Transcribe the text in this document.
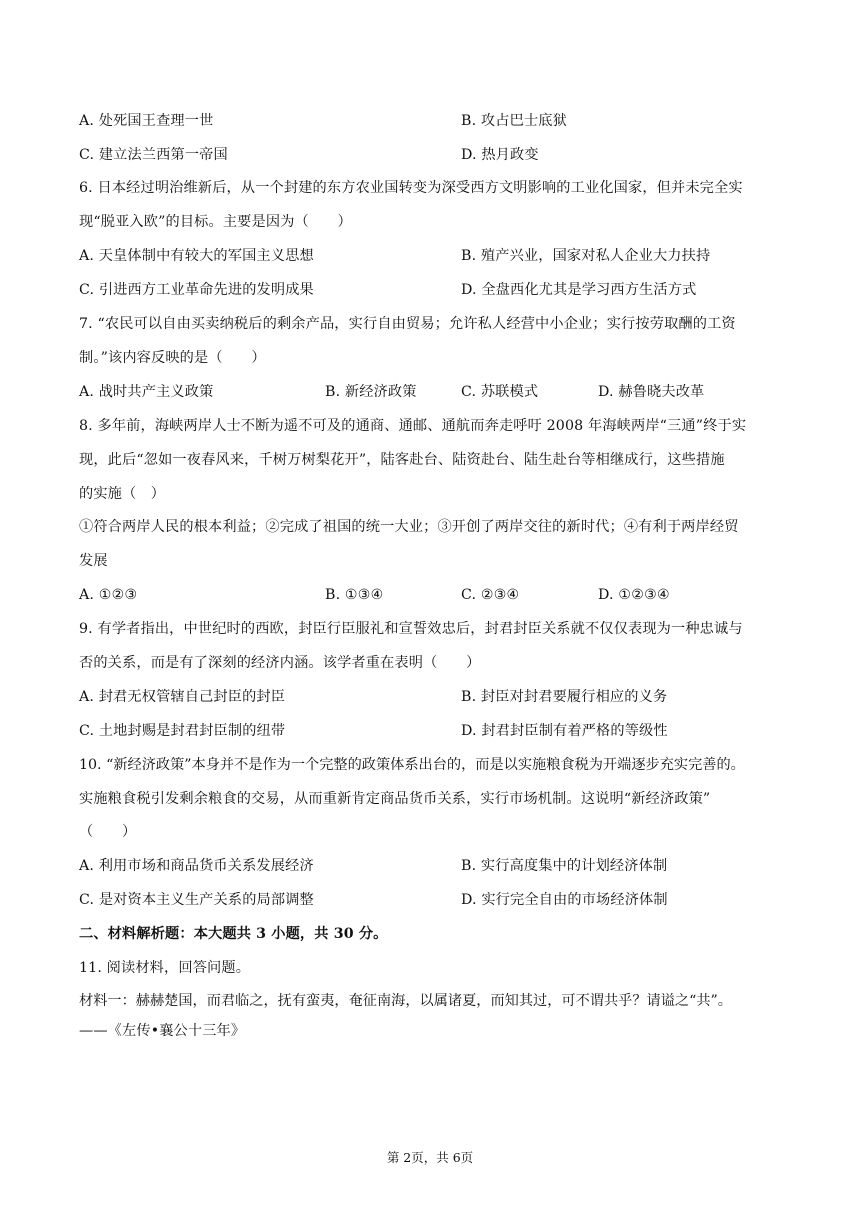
A. 处死国王查理一世	B. 攻占巴士底狱
C. 建立法兰西第一帝国	D. 热月政变
6. 日本经过明治维新后，从一个封建的东方农业国转变为深受西方文明影响的工业化国家，但并未完全实
现“脱亚入欧”的目标。主要是因为（　　）
A. 天皇体制中有较大的军国主义思想	B. 殖产兴业，国家对私人企业大力扶持
C. 引进西方工业革命先进的发明成果	D. 全盘西化尤其是学习西方生活方式
7. “农民可以自由买卖纳税后的剩余产品，实行自由贸易；允许私人经营中小企业；实行按劳取酬的工资
制。”该内容反映的是（　　）
A. 战时共产主义政策	B. 新经济政策	C. 苏联模式	D. 赫鲁晓夫改革
8. 多年前，海峡两岸人士不断为遥不可及的通商、通邮、通航而奔走呼吁 2008 年海峡两岸“三通”终于实
现，此后“忽如一夜春风来，千树万树梨花开”，陆客赴台、陆资赴台、陆生赴台等相继成行，这些措施
的实施（　）
①符合两岸人民的根本利益；②完成了祖国的统一大业；③开创了两岸交往的新时代；④有利于两岸经贸
发展
A. ①②③	B. ①③④	C. ②③④	D. ①②③④
9. 有学者指出，中世纪时的西欧，封臣行臣服礼和宣誓效忠后，封君封臣关系就不仅仅表现为一种忠诚与
否的关系，而是有了深刻的经济内涵。该学者重在表明（　　）
A. 封君无权管辖自己封臣的封臣	B. 封臣对封君要履行相应的义务
C. 土地封赐是封君封臣制的纽带	D. 封君封臣制有着严格的等级性
10. “新经济政策”本身并不是作为一个完整的政策体系出台的，而是以实施粮食税为开端逐步充实完善的。
实施粮食税引发剩余粮食的交易，从而重新肯定商品货币关系，实行市场机制。这说明“新经济政策”
（　　）
A. 利用市场和商品货币关系发展经济	B. 实行高度集中的计划经济体制
C. 是对资本主义生产关系的局部调整	D. 实行完全自由的市场经济体制
二、材料解析题：本大题共 3 小题，共 30 分。
11. 阅读材料，回答问题。
材料一：赫赫楚国，而君临之，抚有蛮夷，奄征南海，以属诸夏，而知其过，可不谓共乎？请谥之“共”。
——《左传•襄公十三年》
第 2页，共 6页
